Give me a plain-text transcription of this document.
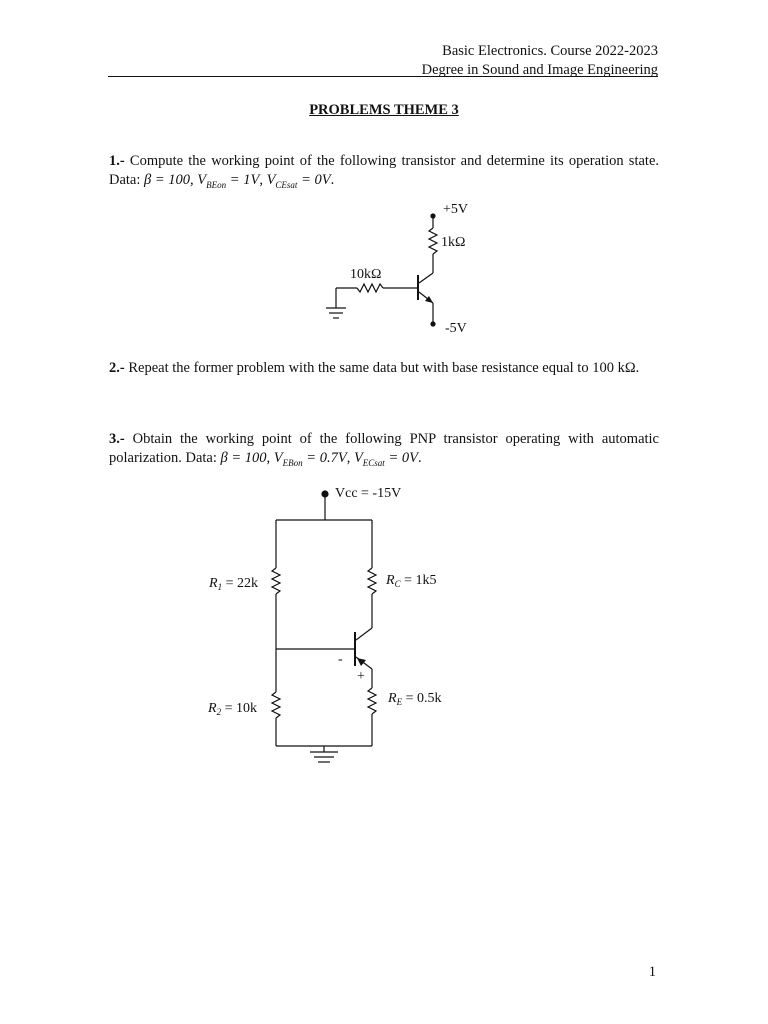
Basic Electronics. Course 2022-2023
Degree in Sound and Image Engineering
PROBLEMS THEME 3
1.- Compute the working point of the following transistor and determine its operation state. Data: β = 100, $V_{BEon} = 1V$, $V_{CEsat} = 0V$.
2.- Repeat the former problem with the same data but with base resistance equal to 100 kΩ.
3.- Obtain the working point of the following PNP transistor operating with automatic polarization. Data: β = 100, $V_{EBon} = 0.7V$, $V_{ECsat} = 0V$.
+5V
1kΩ
10kΩ
-5V
Vcc = -15V
R1 = 22k
R2 = 10k
RC = 1k5
RE = 0.5k
-
+
1
